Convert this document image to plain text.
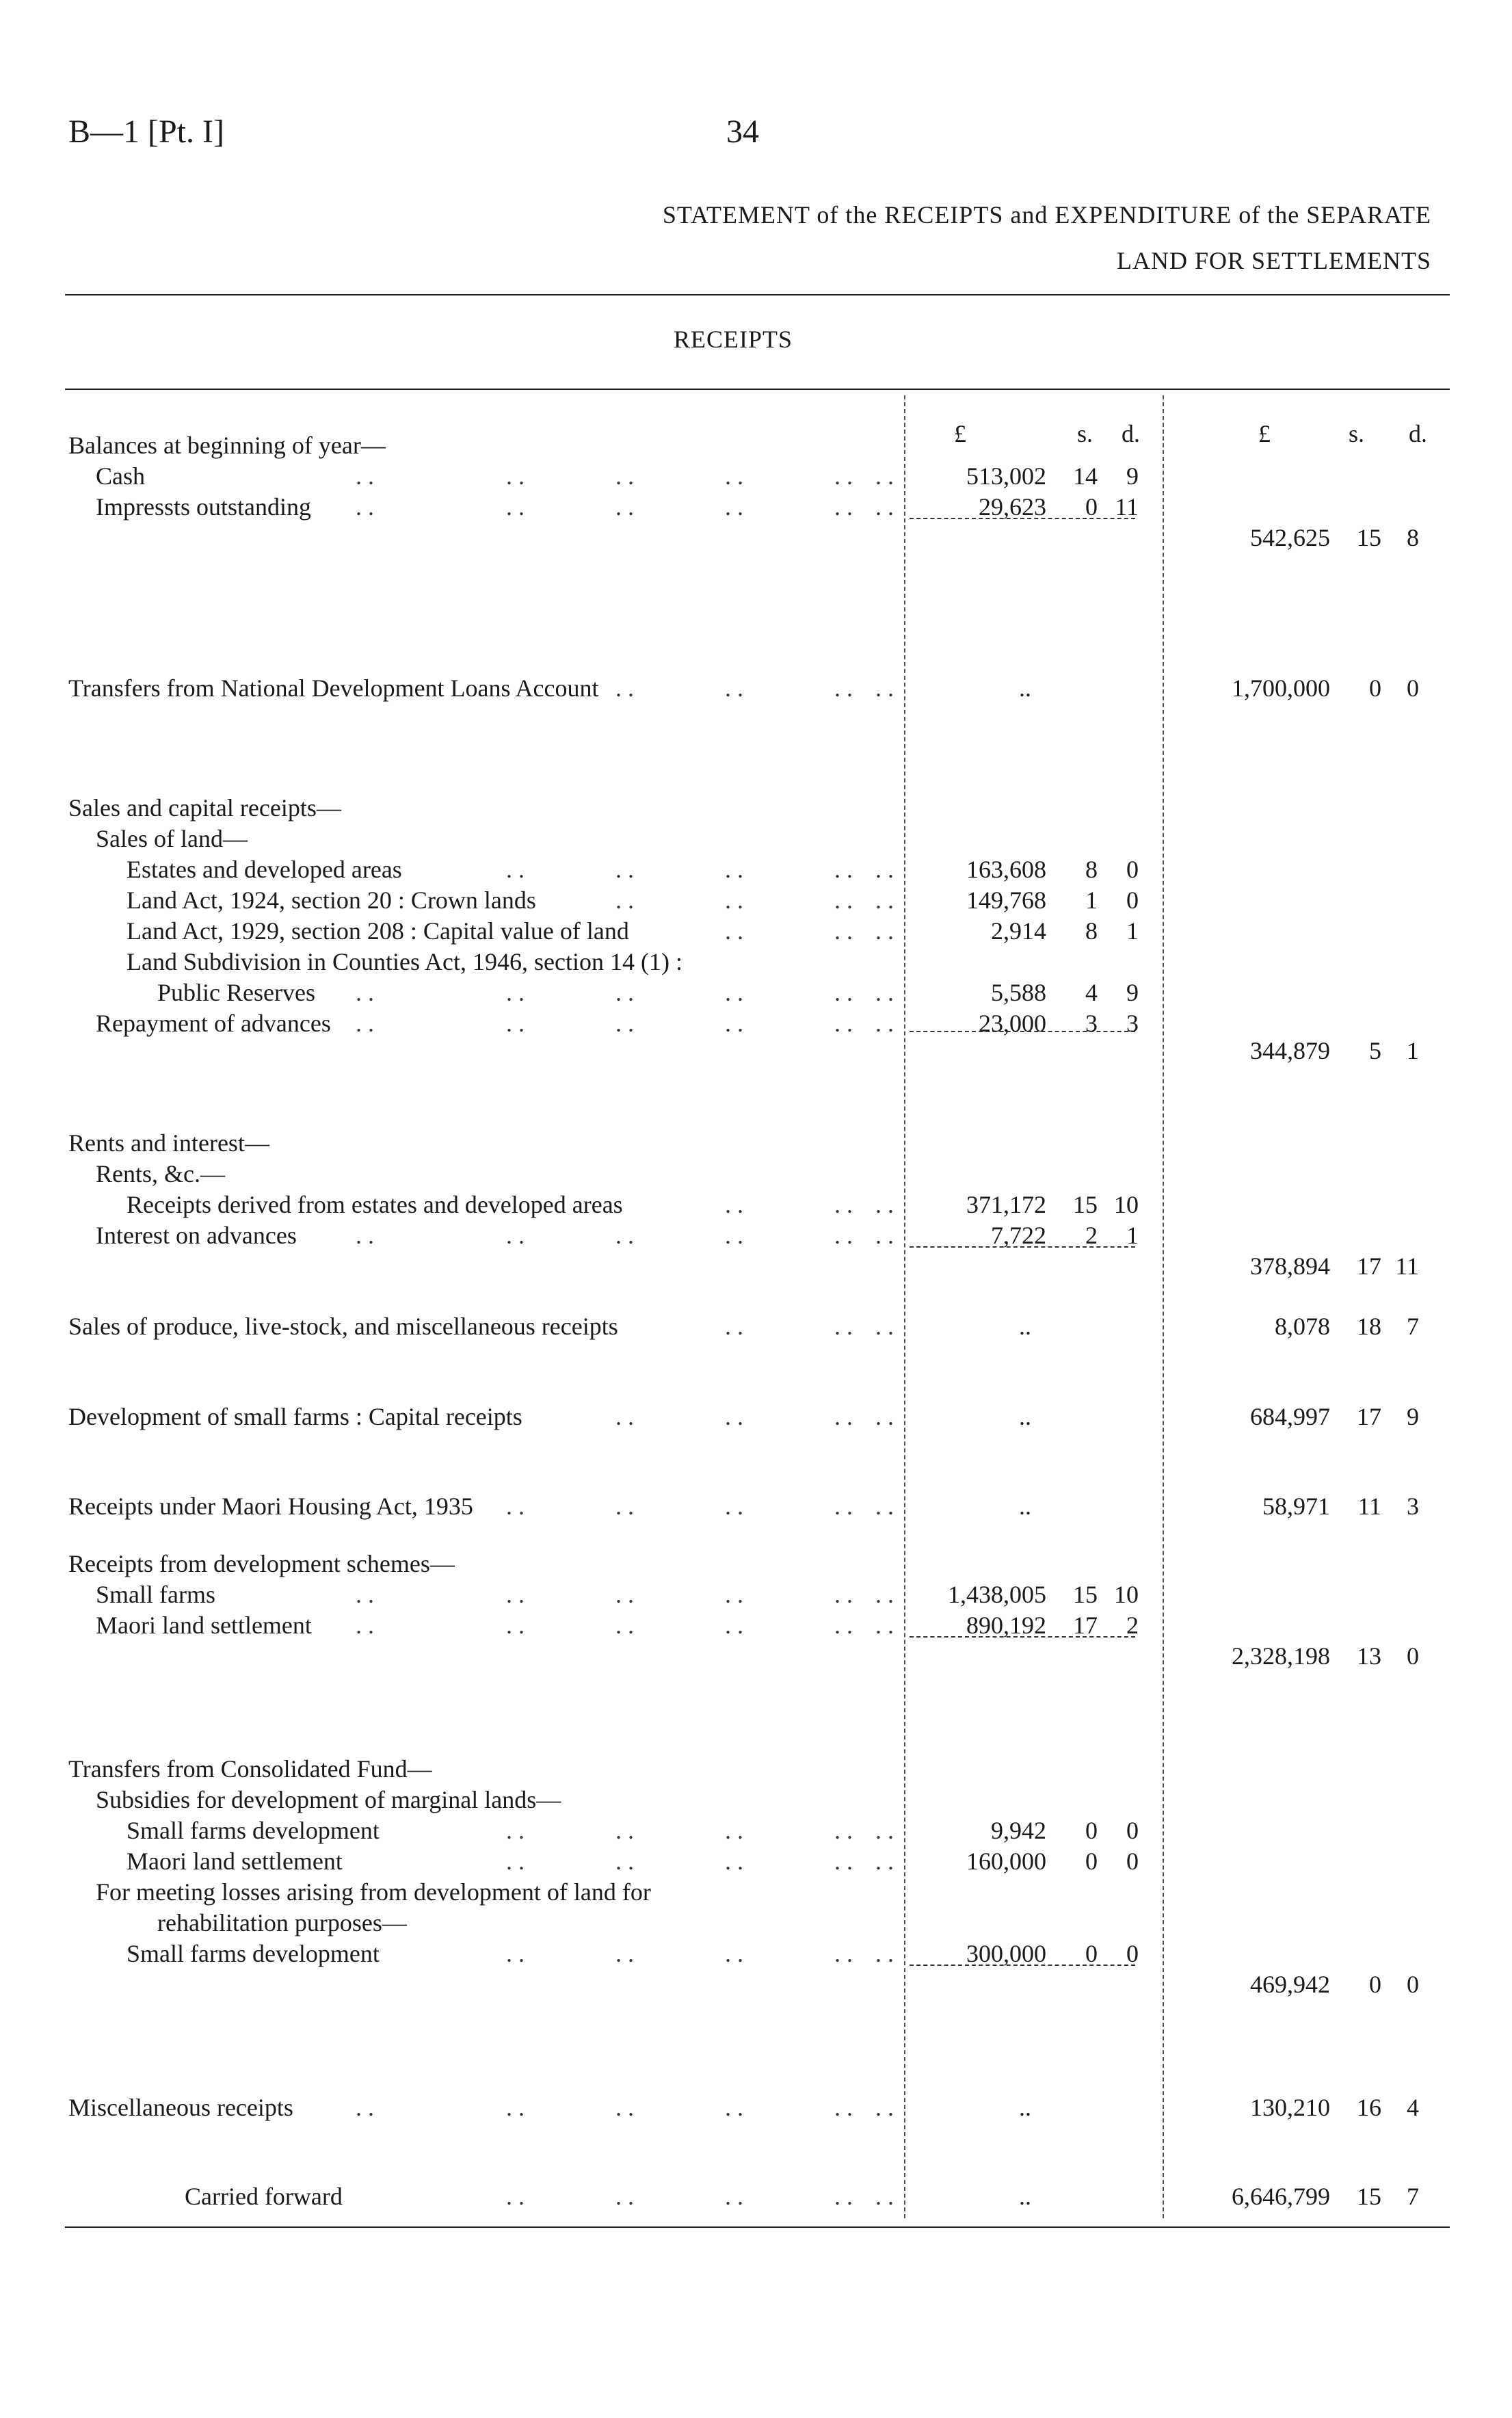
B—1 [Pt. I]	34
STATEMENT of the RECEIPTS and EXPENDITURE of the SEPARATE
LAND FOR SETTLEMENTS
RECEIPTS
£	s. d.	£	s. d.
Balances at beginning of year—
Cash	. .	. .	. .	. .	. . . .	513,002 14 9
Impressts outstanding . .	. .	. .	. .	. . . .	29,623 0 11
542,625 15 8
Transfers from National Development Loans Account . .	. .	. . . .	..	1,700,000 0 0
Sales and capital receipts—
Sales of land—
Estates and developed areas	. .	. .	. .	. . . .	163,608 8 0
Land Act, 1924, section 20 : Crown lands	. .	. .	. . . .	149,768 1 0
Land Act, 1929, section 208 : Capital value of land	. .	. . . .	2,914 8 1
Land Subdivision in Counties Act, 1946, section 14 (1) :
Public Reserves . .	. .	. .	. .	. . . .	5,588 4 9
Repayment of advances . .	. .	. .	. .	. . . .	23,000 3 3
344,879 5 1
Rents and interest—
Rents, &c.—
Receipts derived from estates and developed areas	. .	. . . .	371,172 15 10
Interest on advances . .	. .	. .	. .	. . . .	7,722 2 1
378,894 17 11
Sales of produce, live-stock, and miscellaneous receipts	. .	. . . .	..	8,078 18 7
Development of small farms : Capital receipts	. .	. .	. . . .	..	684,997 17 9
Receipts under Maori Housing Act, 1935 . .	. .	. .	. . . .	..	58,971 11 3
Receipts from development schemes—
Small farms	. .	. .	. .	. .	. . . . 1,438,005 15 10
Maori land settlement . .	. .	. .	. .	. . . .	890,192 17 2
2,328,198 13 0
Transfers from Consolidated Fund—
Subsidies for development of marginal lands—
Small farms development	. .	. .	. .	. . . .	9,942 0 0
Maori land settlement	. .	. .	. .	. . . .	160,000 0 0
For meeting losses arising from development of land for
rehabilitation purposes—
Small farms development	. .	. .	. .	. . . .	300,000 0 0
469,942 0 0
Miscellaneous receipts	. .	. .	. .	. .	. . . .	..	130,210 16 4
Carried forward	. .	. .	. .	. . . .	..	6,646,799 15 7
